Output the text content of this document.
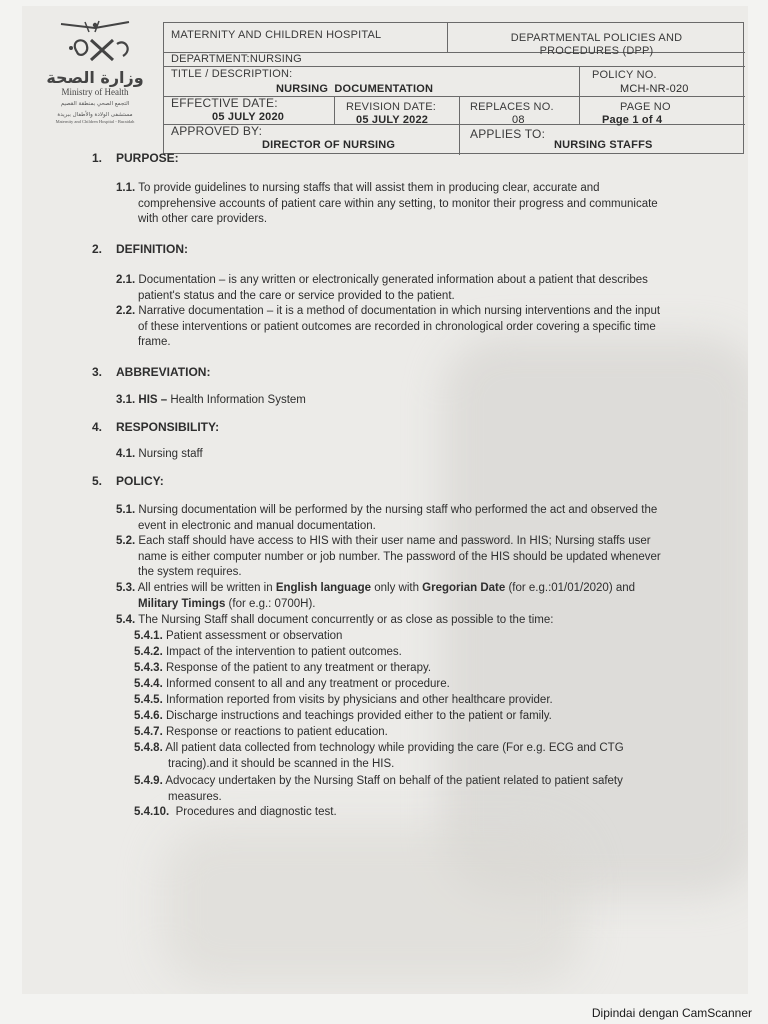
وزارة الصحة
Ministry of Health
التجمع الصحي بمنطقة القصيم
مستشفى الولادة والأطفال ببريدة
Maternity and Children Hospital - Buraidah
MATERNITY AND CHILDREN HOSPITAL	DEPARTMENTAL POLICIES AND
PROCEDURES (DPP)
DEPARTMENT:NURSING
TITLE / DESCRIPTION:
NURSING DOCUMENTATION
POLICY NO.
MCH-NR-020
EFFECTIVE DATE:
05 JULY 2020
REVISION DATE:
05 JULY 2022
REPLACES NO.
08
PAGE NO
Page 1 of 4
APPROVED BY:
DIRECTOR OF NURSING
APPLIES TO:
NURSING STAFFS
1. PURPOSE:
1.1. To provide guidelines to nursing staffs that will assist them in producing clear, accurate and
comprehensive accounts of patient care within any setting, to monitor their progress and communicate
with other care providers.
2. DEFINITION:
2.1. Documentation – is any written or electronically generated information about a patient that describes
patient's status and the care or service provided to the patient.
2.2. Narrative documentation – it is a method of documentation in which nursing interventions and the input
of these interventions or patient outcomes are recorded in chronological order covering a specific time
frame.
3. ABBREVIATION:
3.1. HIS – Health Information System
4. RESPONSIBILITY:
4.1. Nursing staff
5. POLICY:
5.1. Nursing documentation will be performed by the nursing staff who performed the act and observed the
event in electronic and manual documentation.
5.2. Each staff should have access to HIS with their user name and password. In HIS; Nursing staffs user
name is either computer number or job number. The password of the HIS should be updated whenever
the system requires.
5.3. All entries will be written in English language only with Gregorian Date (for e.g.:01/01/2020) and
Military Timings (for e.g.: 0700H).
5.4. The Nursing Staff shall document concurrently or as close as possible to the time:
5.4.1. Patient assessment or observation
5.4.2. Impact of the intervention to patient outcomes.
5.4.3. Response of the patient to any treatment or therapy.
5.4.4. Informed consent to all and any treatment or procedure.
5.4.5. Information reported from visits by physicians and other healthcare provider.
5.4.6. Discharge instructions and teachings provided either to the patient or family.
5.4.7. Response or reactions to patient education.
5.4.8. All patient data collected from technology while providing the care (For e.g. ECG and CTG
tracing).and it should be scanned in the HIS.
5.4.9. Advocacy undertaken by the Nursing Staff on behalf of the patient related to patient safety
measures.
5.4.10. Procedures and diagnostic test.
Dipindai dengan CamScanner
